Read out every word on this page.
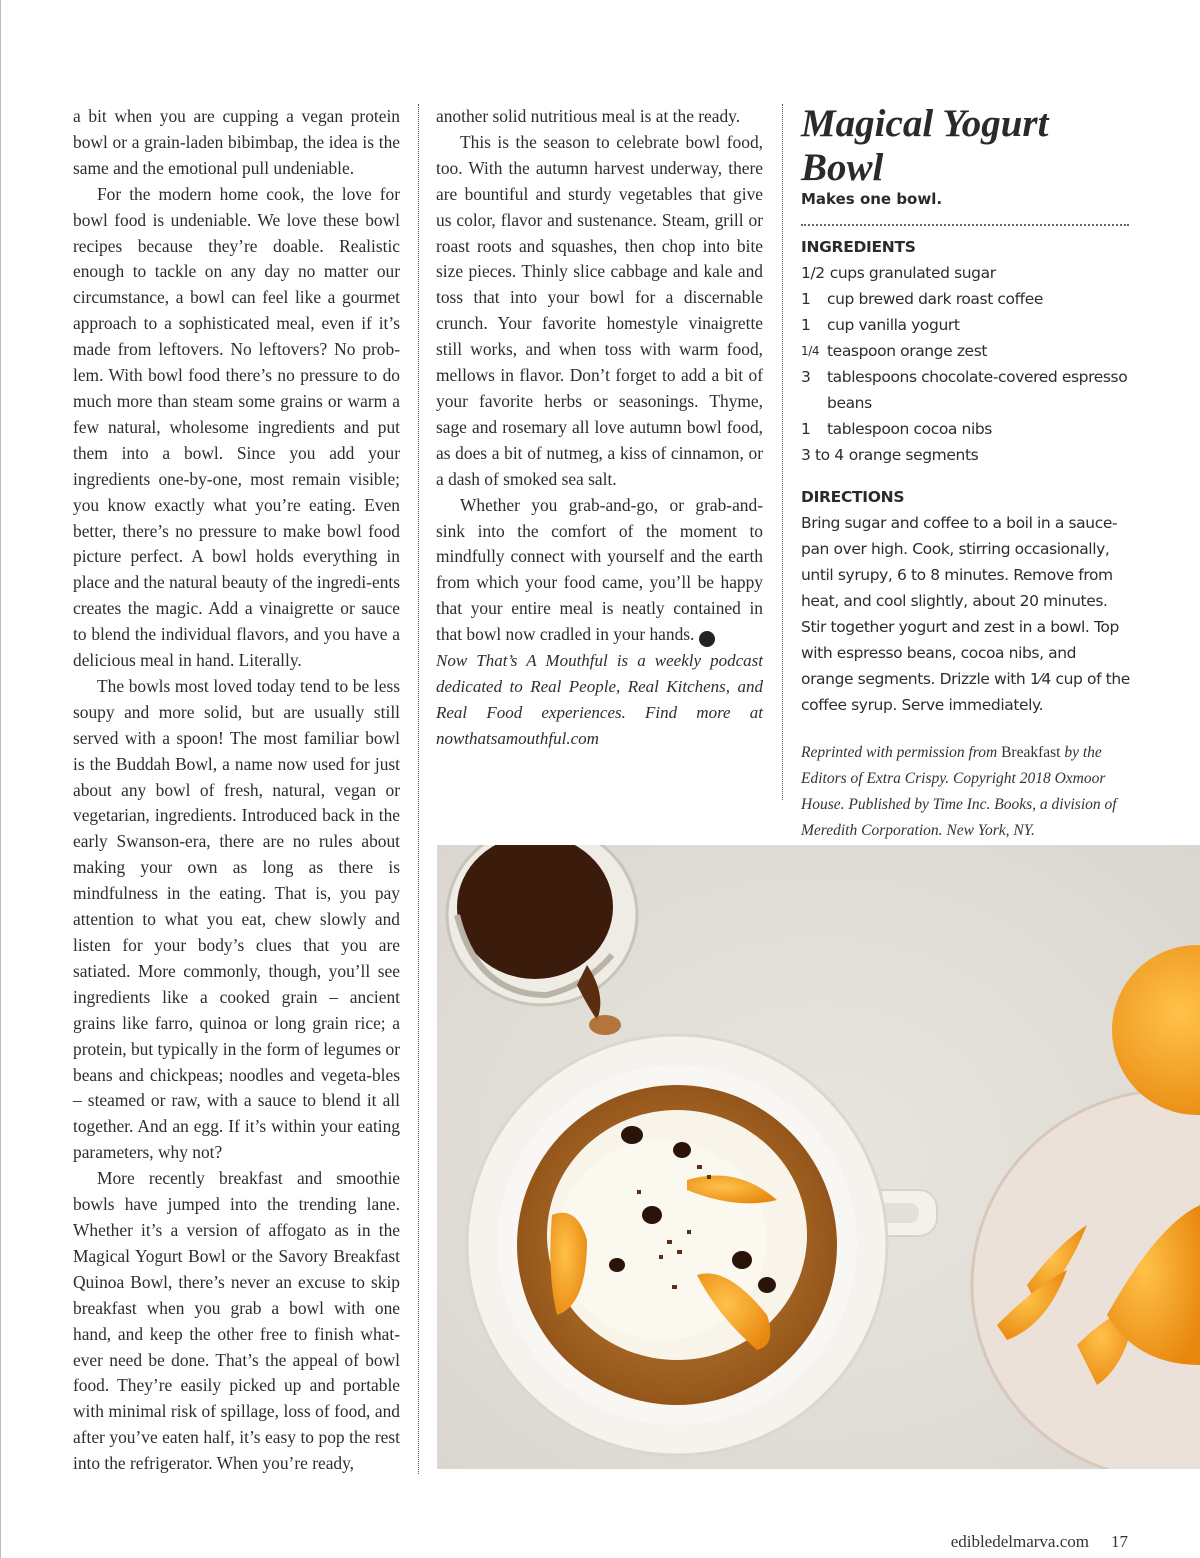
a bit when you are cupping a vegan protein bowl or a grain-laden bibimbap, the idea is the same and the emotional pull undeniable.

For the modern home cook, the love for bowl food is undeniable. We love these bowl recipes because they’re doable. Realistic enough to tackle on any day no matter our circumstance, a bowl can feel like a gourmet approach to a sophisticated meal, even if it’s made from leftovers. No leftovers? No prob-lem. With bowl food there’s no pressure to do much more than steam some grains or warm a few natural, wholesome ingredients and put them into a bowl. Since you add your ingredients one-by-one, most remain visible; you know exactly what you’re eating. Even better, there’s no pressure to make bowl food picture perfect. A bowl holds everything in place and the natural beauty of the ingredi-ents creates the magic. Add a vinaigrette or sauce to blend the individual flavors, and you have a delicious meal in hand. Literally.

The bowls most loved today tend to be less soupy and more solid, but are usually still served with a spoon! The most familiar bowl is the Buddah Bowl, a name now used for just about any bowl of fresh, natural, vegan or vegetarian, ingredients. Introduced back in the early Swanson-era, there are no rules about making your own as long as there is mindfulness in the eating. That is, you pay attention to what you eat, chew slowly and listen for your body’s clues that you are satiated. More commonly, though, you’ll see ingredients like a cooked grain – ancient grains like farro, quinoa or long grain rice; a protein, but typically in the form of legumes or beans and chickpeas; noodles and vegeta-bles – steamed or raw, with a sauce to blend it all together. And an egg. If it’s within your eating parameters, why not?

More recently breakfast and smoothie bowls have jumped into the trending lane. Whether it’s a version of affogato as in the Magical Yogurt Bowl or the Savory Breakfast Quinoa Bowl, there’s never an excuse to skip breakfast when you grab a bowl with one hand, and keep the other free to finish what-ever need be done. That’s the appeal of bowl food. They’re easily picked up and portable with minimal risk of spillage, loss of food, and after you’ve eaten half, it’s easy to pop the rest into the refrigerator. When you’re ready,

another solid nutritious meal is at the ready.

This is the season to celebrate bowl food, too. With the autumn harvest underway, there are bountiful and sturdy vegetables that give us color, flavor and sustenance. Steam, grill or roast roots and squashes, then chop into bite size pieces. Thinly slice cabbage and kale and toss that into your bowl for a discernable crunch. Your favorite homestyle vinaigrette still works, and when toss with warm food, mellows in flavor. Don’t forget to add a bit of your favorite herbs or seasonings. Thyme, sage and rosemary all love autumn bowl food, as does a bit of nutmeg, a kiss of cinnamon, or a dash of smoked sea salt.

Whether you grab-and-go, or grab-and-sink into the comfort of the moment to mindfully connect with yourself and the earth from which your food came, you’ll be happy that your entire meal is neatly contained in that bowl now cradled in your hands. e

Now That’s A Mouthful is a weekly podcast dedicated to Real People, Real Kitchens, and Real Food experiences. Find more at nowthatsamouthful.com

Magical Yogurt Bowl
Makes one bowl.
INGREDIENTS
1/2 cups granulated sugar
1	cup brewed dark roast coffee
1	cup vanilla yogurt
1/4 teaspoon orange zest
3	tablespoons chocolate-covered espresso beans
1	tablespoon cocoa nibs
3 to 4 orange segments
DIRECTIONS

Bring sugar and coffee to a boil in a sauce-pan over high. Cook, stirring occasionally, until syrupy, 6 to 8 minutes. Remove from heat, and cool slightly, about 20 minutes. Stir together yogurt and zest in a bowl. Top with espresso beans, cocoa nibs, and orange segments. Drizzle with 1⁄4 cup of the coffee syrup. Serve immediately.

Reprinted with permission from Breakfast by the Editors of Extra Crispy. Copyright 2018 Oxmoor House. Published by Time Inc. Books, a division of Meredith Corporation. New York, NY.
edibledelmarva.com 17
